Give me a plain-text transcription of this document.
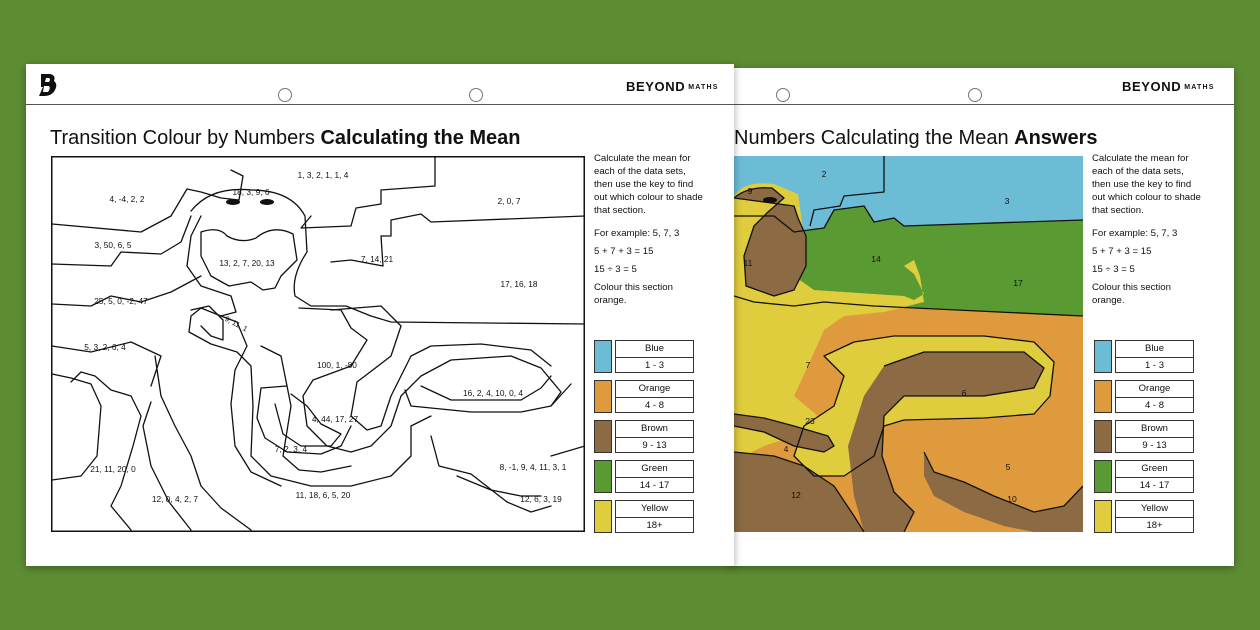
BEYOND MATHS
Transition Colour by Numbers Calculating the Mean
1, 3, 2, 1, 1, 4
4, -4, 2, 2
18, 3, 9, 6
2, 0, 7
3, 50, 6, 5
13, 2, 7, 20, 13	7, 14, 21
17, 16, 18
25, 5, 0, -2, 47
9, 11, 1
5, 3, 2, 6, 4
100, 1, -80
16, 2, 4, 10, 0, 4
4, 44, 17, 27
7, 2, 3, 4
21, 11, 20, 0	8, -1, 9, 4, 11, 3, 1
11, 18, 6, 5, 20
12, 0, 4, 2, 7	12, 6, 3, 19

Calculate the mean for each of the data sets, then use the key to find out which colour to shade that section.

For example: 5, 7, 3

5 + 7 + 3 = 15

15 ÷ 3 = 5

Colour this section orange.

Blue
1 - 3
Orange
4 - 8
Brown
9 - 13
Green
14 - 17
Yellow
18+
BEYOND MATHS
Numbers Calculating the Mean Answers
9
2
3
11	14
17
7
6
23
4
5
12	10

Calculate the mean for each of the data sets, then use the key to find out which colour to shade that section.

For example: 5, 7, 3

5 + 7 + 3 = 15

15 ÷ 3 = 5

Colour this section orange.

Blue
1 - 3
Orange
4 - 8
Brown
9 - 13
Green
14 - 17
Yellow
18+
